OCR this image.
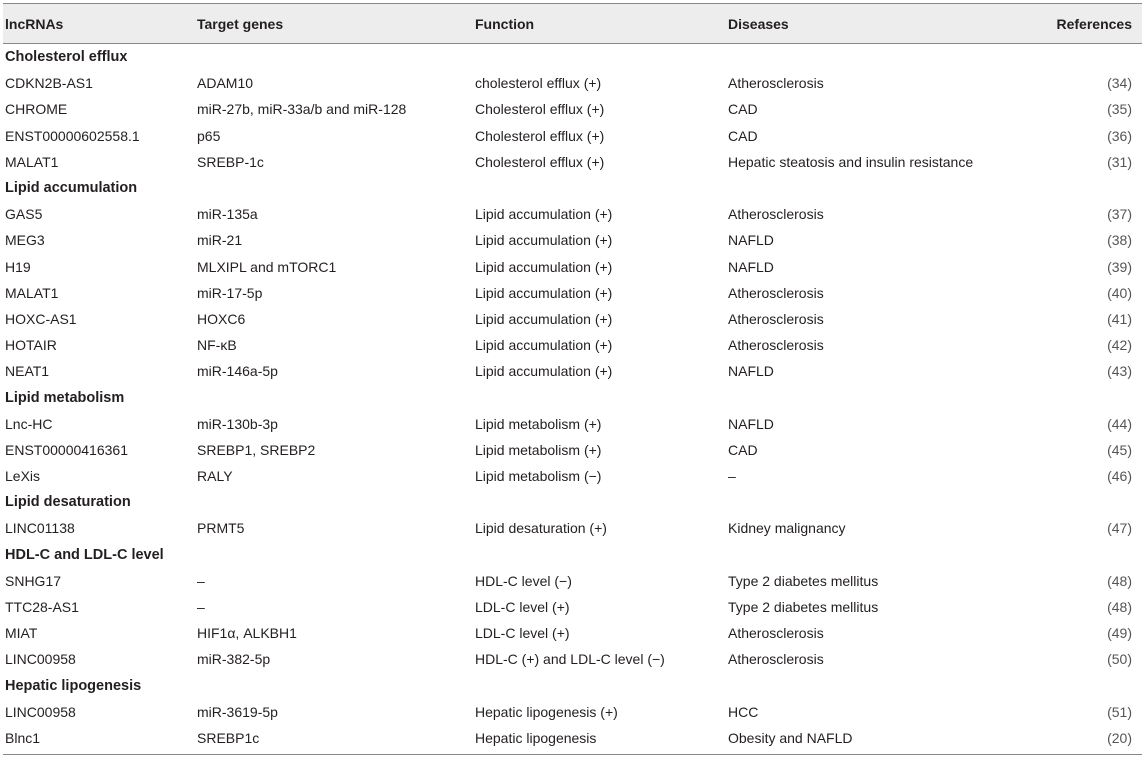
lncRNAs	Target genes	Function	Diseases	References
Cholesterol efflux
CDKN2B-AS1	ADAM10	cholesterol efflux (+)	Atherosclerosis	(34)
CHROME	miR-27b, miR-33a/b and miR-128	Cholesterol efflux (+)	CAD	(35)
ENST00000602558.1	p65	Cholesterol efflux (+)	CAD	(36)
MALAT1	SREBP-1c	Cholesterol efflux (+)	Hepatic steatosis and insulin resistance	(31)
Lipid accumulation
GAS5	miR-135a	Lipid accumulation (+)	Atherosclerosis	(37)
MEG3	miR-21	Lipid accumulation (+)	NAFLD	(38)
H19	MLXIPL and mTORC1	Lipid accumulation (+)	NAFLD	(39)
MALAT1	miR-17-5p	Lipid accumulation (+)	Atherosclerosis	(40)
HOXC-AS1	HOXC6	Lipid accumulation (+)	Atherosclerosis	(41)
HOTAIR	NF-κB	Lipid accumulation (+)	Atherosclerosis	(42)
NEAT1	miR-146a-5p	Lipid accumulation (+)	NAFLD	(43)
Lipid metabolism
Lnc-HC	miR-130b-3p	Lipid metabolism (+)	NAFLD	(44)
ENST00000416361	SREBP1, SREBP2	Lipid metabolism (+)	CAD	(45)
LeXis	RALY	Lipid metabolism (−)	–	(46)
Lipid desaturation
LINC01138	PRMT5	Lipid desaturation (+)	Kidney malignancy	(47)
HDL-C and LDL-C level
SNHG17	–	HDL-C level (−)	Type 2 diabetes mellitus	(48)
TTC28-AS1	–	LDL-C level (+)	Type 2 diabetes mellitus	(48)
MIAT	HIF1α, ALKBH1	LDL-C level (+)	Atherosclerosis	(49)
LINC00958	miR-382-5p	HDL-C (+) and LDL-C level (−)	Atherosclerosis	(50)
Hepatic lipogenesis
LINC00958	miR-3619-5p	Hepatic lipogenesis (+)	HCC	(51)
Blnc1	SREBP1c	Hepatic lipogenesis	Obesity and NAFLD	(20)
